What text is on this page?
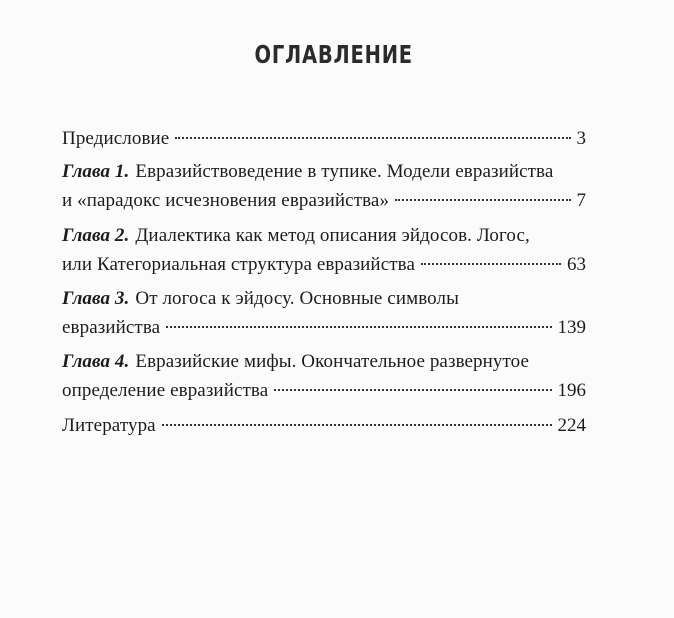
ОГЛАВЛЕНИЕ
Предисловие	3
Глава 1. Евразийствоведение в тупике. Модели евразийства
и «парадокс исчезновения евразийства»	7
Глава 2. Диалектика как метод описания эйдосов. Логос,
или Категориальная структура евразийства	63
Глава 3. От логоса к эйдосу. Основные символы
евразийства	139
Глава 4. Евразийские мифы. Окончательное развернутое
определение евразийства	196
Литература	224
